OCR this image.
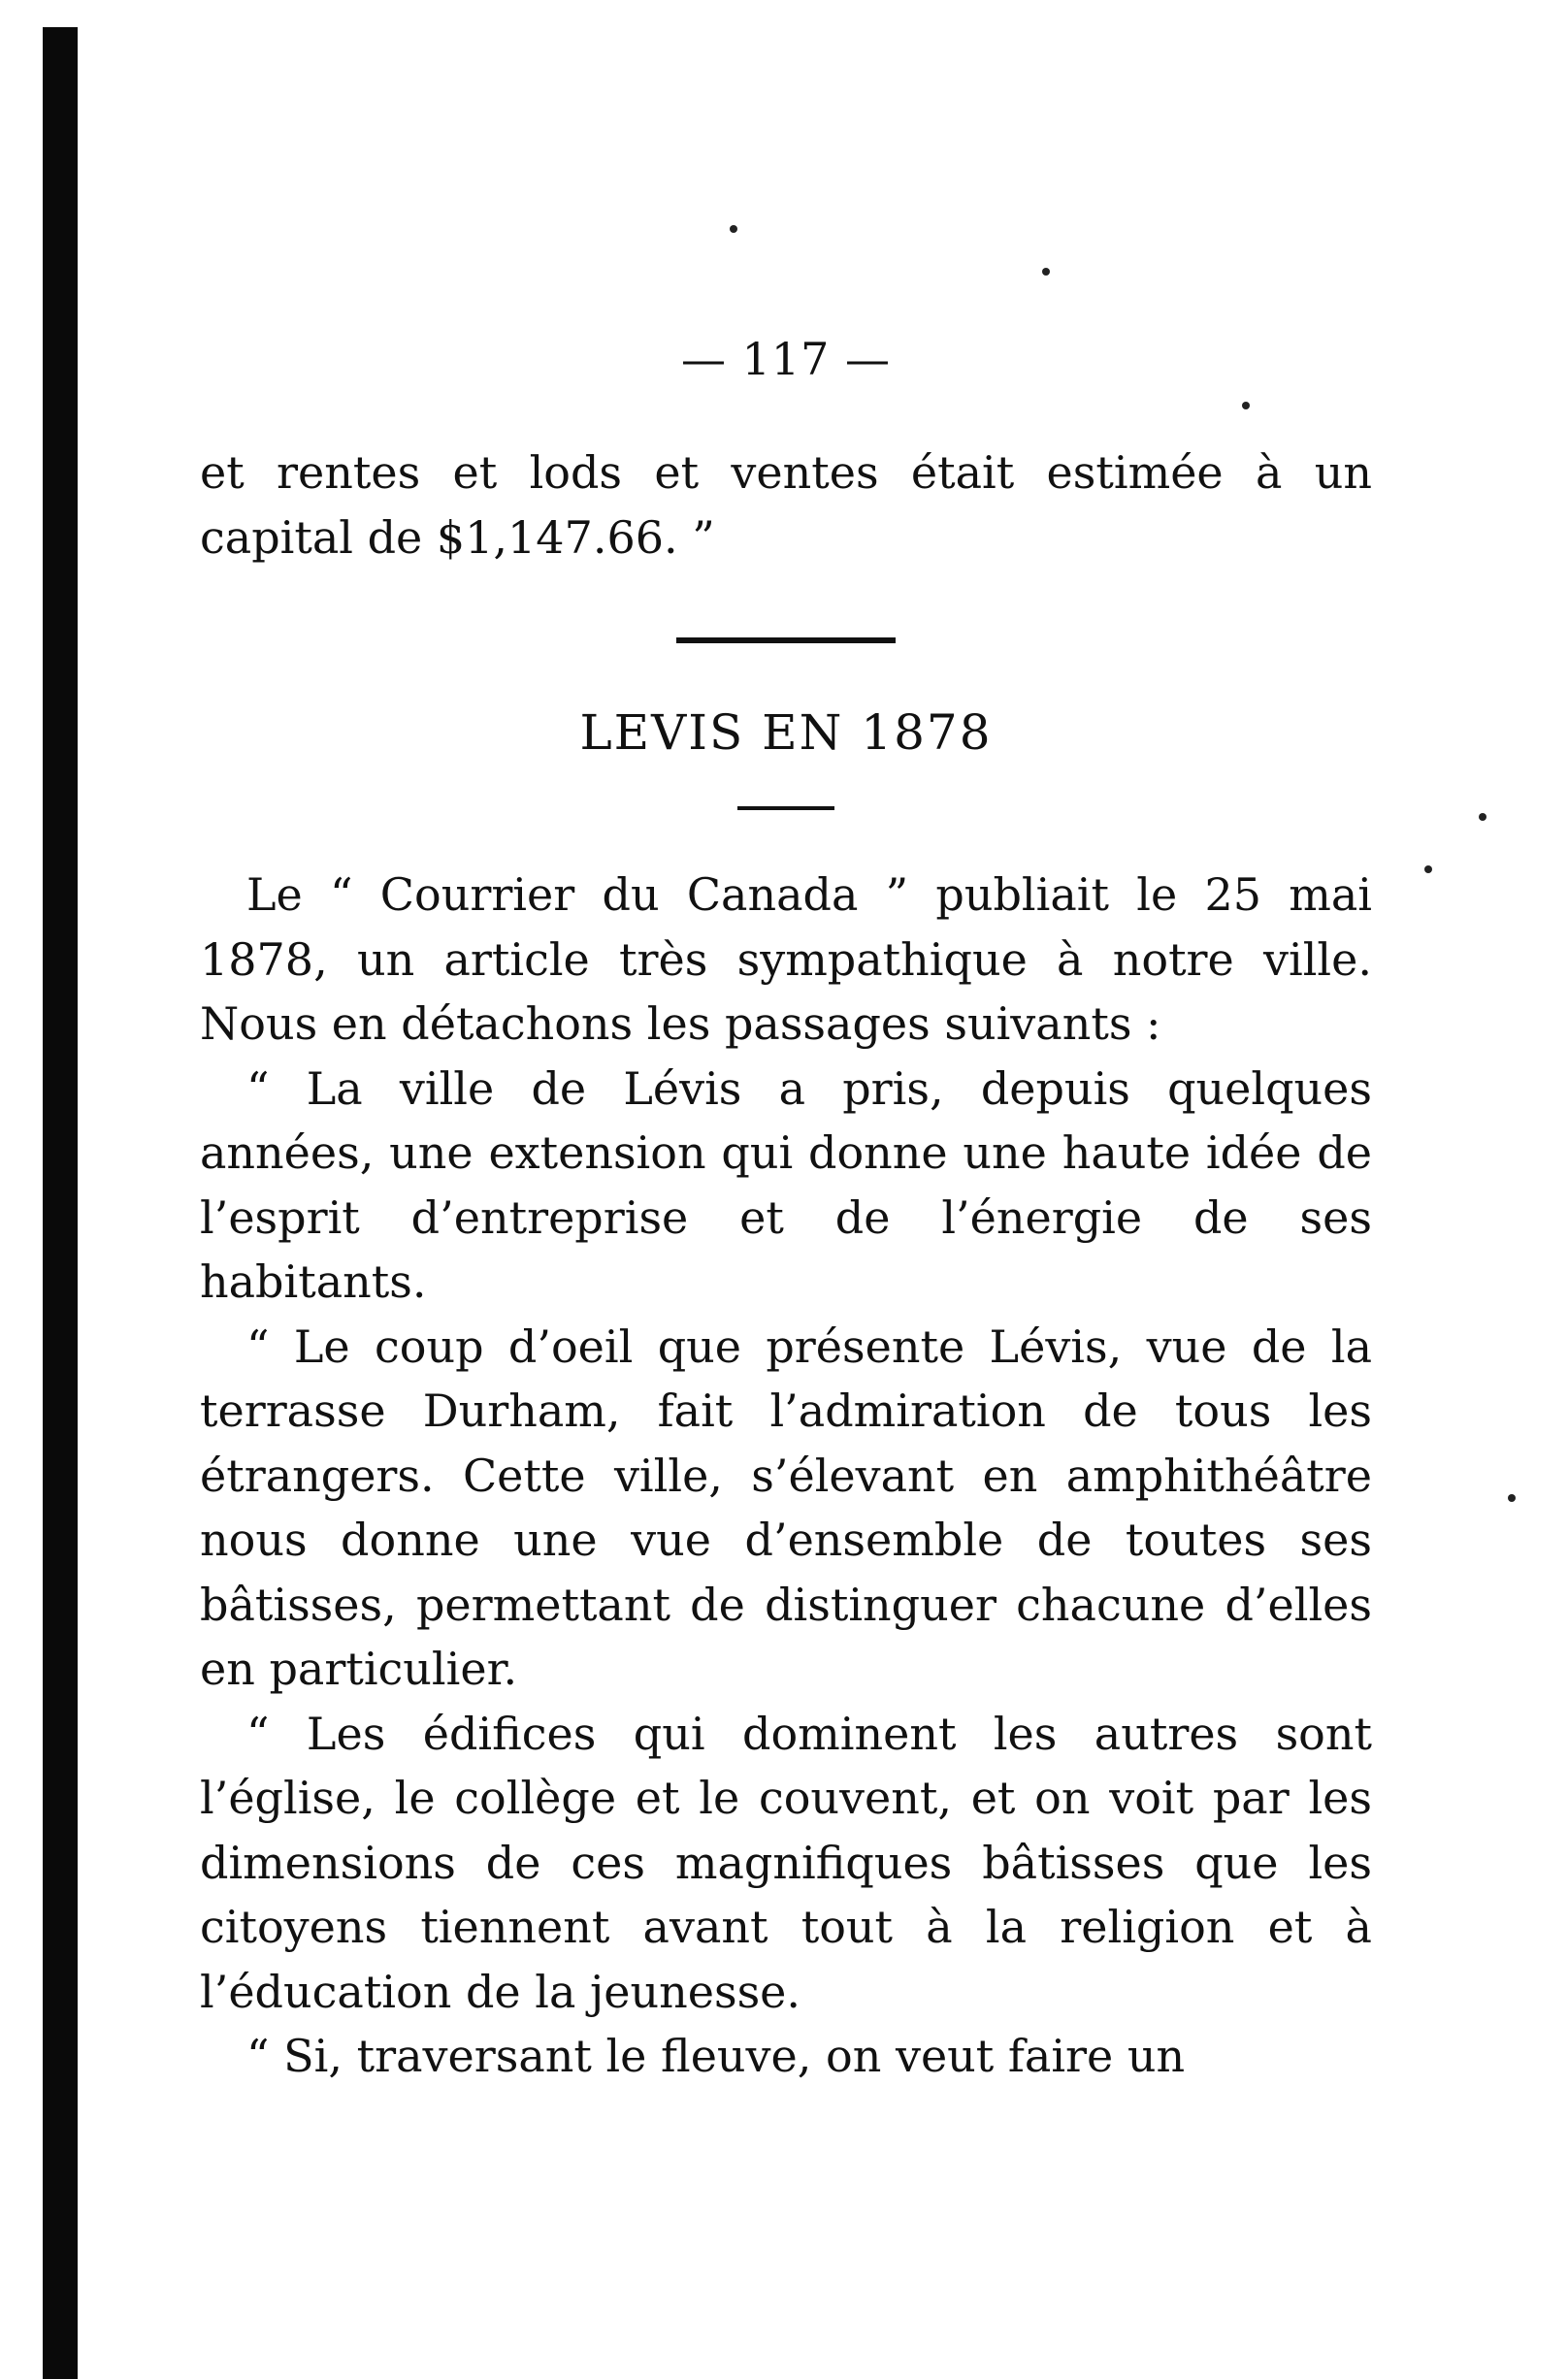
— 117 —

et rentes et lods et ventes était estimée à un capital de $1,147.66. ”

LEVIS EN 1878

Le “ Courrier du Canada ” publiait le 25 mai 1878, un article très sympathique à notre ville. Nous en détachons les passages suivants :

“ La ville de Lévis a pris, depuis quelques années, une extension qui donne une haute idée de l’esprit d’entreprise et de l’énergie de ses habitants.

“ Le coup d’oeil que présente Lévis, vue de la terrasse Durham, fait l’admiration de tous les étrangers. Cette ville, s’élevant en amphithéâtre nous donne une vue d’ensemble de toutes ses bâtisses, permettant de distinguer chacune d’elles en particulier.

“ Les édifices qui dominent les autres sont l’église, le collège et le couvent, et on voit par les dimensions de ces magnifiques bâtisses que les citoyens tiennent avant tout à la religion et à l’éducation de la jeunesse.

“ Si, traversant le fleuve, on veut faire un
